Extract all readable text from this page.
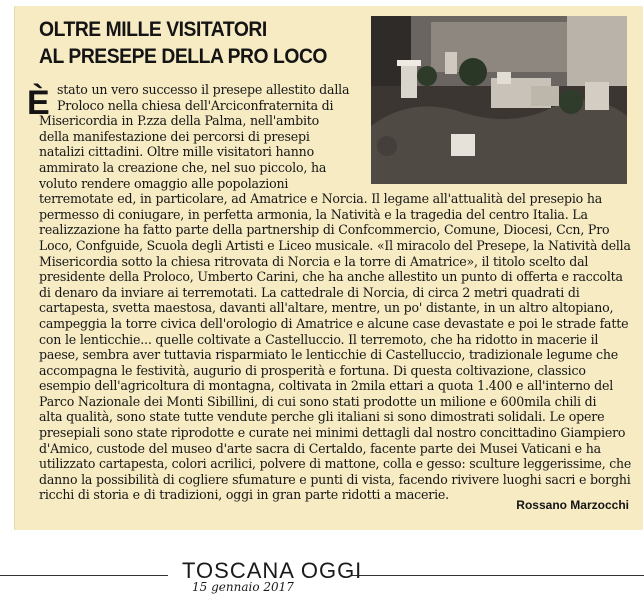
OLTRE MILLE VISITATORI
AL PRESEPE DELLA PRO LOCO
È stato un vero successo il presepe allestito dalla
Proloco nella chiesa dell'Arciconfraternita di
Misericordia in P.zza della Palma, nell'ambito
della manifestazione dei percorsi di presepi
natalizi cittadini. Oltre mille visitatori hanno
ammirato la creazione che, nel suo piccolo, ha
voluto rendere omaggio alle popolazioni
terremotate ed, in particolare, ad Amatrice e Norcia. Il legame all'attualità del presepio ha
permesso di coniugare, in perfetta armonia, la Natività e la tragedia del centro Italia. La
realizzazione ha fatto parte della partnership di Confcommercio, Comune, Diocesi, Ccn, Pro
Loco, Confguide, Scuola degli Artisti e Liceo musicale. «Il miracolo del Presepe, la Natività della
Misericordia sotto la chiesa ritrovata di Norcia e la torre di Amatrice», il titolo scelto dal
presidente della Proloco, Umberto Carini, che ha anche allestito un punto di offerta e raccolta
di denaro da inviare ai terremotati. La cattedrale di Norcia, di circa 2 metri quadrati di
cartapesta, svetta maestosa, davanti all'altare, mentre, un po' distante, in un altro altopiano,
campeggia la torre civica dell'orologio di Amatrice e alcune case devastate e poi le strade fatte
con le lenticchie... quelle coltivate a Castelluccio. Il terremoto, che ha ridotto in macerie il
paese, sembra aver tuttavia risparmiato le lenticchie di Castelluccio, tradizionale legume che
accompagna le festività, augurio di prosperità e fortuna. Di questa coltivazione, classico
esempio dell'agricoltura di montagna, coltivata in 2mila ettari a quota 1.400 e all'interno del
Parco Nazionale dei Monti Sibillini, di cui sono stati prodotte un milione e 600mila chili di
alta qualità, sono state tutte vendute perche gli italiani si sono dimostrati solidali. Le opere
presepiali sono state riprodotte e curate nei minimi dettagli dal nostro concittadino Giampiero
d'Amico, custode del museo d'arte sacra di Certaldo, facente parte dei Musei Vaticani e ha
utilizzato cartapesta, colori acrilici, polvere di mattone, colla e gesso: sculture leggerissime, che
danno la possibilità di cogliere sfumature e punti di vista, facendo rivivere luoghi sacri e borghi
ricchi di storia e di tradizioni, oggi in gran parte ridotti a macerie.
Rossano Marzocchi
TOSCANA OGGI
15 gennaio 2017
